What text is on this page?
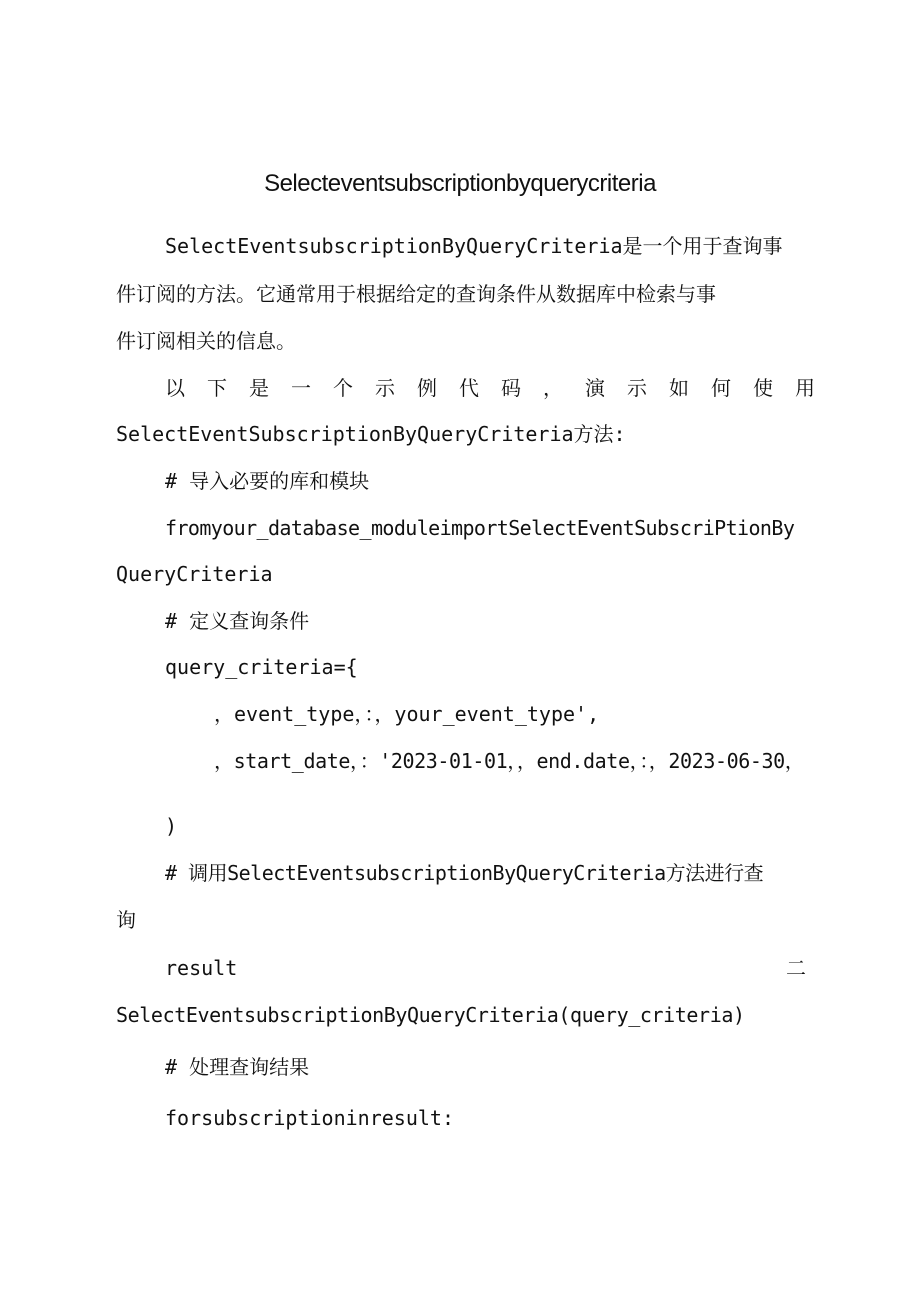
Selecteventsubscriptionbyquerycriteria
SelectEventsubscriptionByQueryCriteria是一个用于查询事
件订阅的方法。它通常用于根据给定的查询条件从数据库中检索与事
件订阅相关的信息。
以 下 是 一 个 示 例 代 码 ， 演 示 如 何 使 用
SelectEventSubscriptionByQueryCriteria方法:
# 导入必要的库和模块
fromyour_database_moduleimportSelectEventSubscriPtionBy
QueryCriteria
# 定义查询条件
query_criteria={
，event_type，：，your_event_type',
，start_date，：'2023-01-01，，end.date，：，2023-06-30，
)
# 调用SelectEventsubscriptionByQueryCriteria方法进行查
询
result	二
SelectEventsubscriptionByQueryCriteria(query_criteria)
# 处理查询结果
forsubscriptioninresult:
